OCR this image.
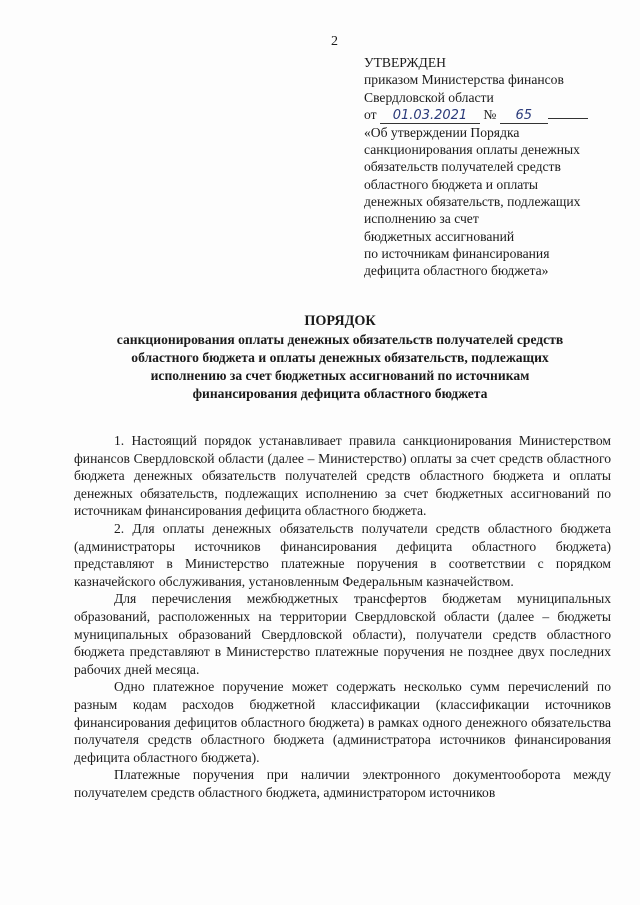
2
УТВЕРЖДЕН
приказом Министерства финансов
Свердловской области
от 01.03.2021 № 65
«Об утверждении Порядка
санкционирования оплаты денежных
обязательств получателей средств
областного бюджета и оплаты
денежных обязательств, подлежащих
исполнению за счет
бюджетных ассигнований
по источникам финансирования
дефицита областного бюджета»
ПОРЯДОК
санкционирования оплаты денежных обязательств получателей средств
областного бюджета и оплаты денежных обязательств, подлежащих
исполнению за счет бюджетных ассигнований по источникам
финансирования дефицита областного бюджета

1. Настоящий порядок устанавливает правила санкционирования Министерством финансов Свердловской области (далее – Министерство) оплаты за счет средств областного бюджета денежных обязательств получателей средств областного бюджета и оплаты денежных обязательств, подлежащих исполнению за счет бюджетных ассигнований по источникам финансирования дефицита областного бюджета.

2. Для оплаты денежных обязательств получатели средств областного бюджета (администраторы источников финансирования дефицита областного бюджета) представляют в Министерство платежные поручения в соответствии с порядком казначейского обслуживания, установленным Федеральным казначейством.

Для перечисления межбюджетных трансфертов бюджетам муниципальных образований, расположенных на территории Свердловской области (далее – бюджеты муниципальных образований Свердловской области), получатели средств областного бюджета представляют в Министерство платежные поручения не позднее двух последних рабочих дней месяца.

Одно платежное поручение может содержать несколько сумм перечислений по разным кодам расходов бюджетной классификации (классификации источников финансирования дефицитов областного бюджета) в рамках одного денежного обязательства получателя средств областного бюджета (администратора источников финансирования дефицита областного бюджета).

Платежные поручения при наличии электронного документооборота между получателем средств областного бюджета, администратором источников
